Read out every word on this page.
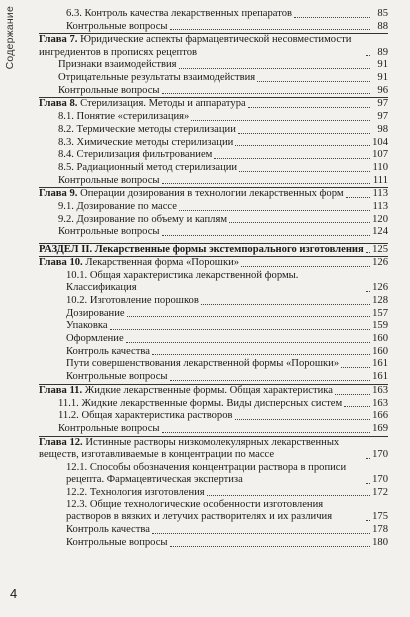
Содержание	6.3. Контроль качества лекарственных препаратов	85
Контрольные вопросы	88
Глава 7. Юридические аспекты фармацевтической несовместимости ингредиентов в прописях рецептов	89
Признаки взаимодействия	91
Отрицательные результаты взаимодействия	91
Контрольные вопросы	96
Глава 8. Стерилизация. Методы и аппаратура	97
8.1. Понятие «стерилизация»	97
8.2. Термические методы стерилизации	98
8.3. Химические методы стерилизации	104
8.4. Стерилизация фильтрованием	107
8.5. Радиационный метод стерилизации	110
Контрольные вопросы	111
Глава 9. Операции дозирования в технологии лекарственных форм	113
9.1. Дозирование по массе	113
9.2. Дозирование по объему и каплям	120
Контрольные вопросы	124
РАЗДЕЛ II. Лекарственные формы экстемпорального изготовления 125
Глава 10. Лекарственная форма «Порошки»	126
10.1. Общая характеристика лекарственной формы. Классификация	126
10.2. Изготовление порошков	128
Дозирование	157
Упаковка	159
Оформление	160
Контроль качества	160
Пути совершенствования лекарственной формы «Порошки»	161
Контрольные вопросы	161
Глава 11. Жидкие лекарственные формы. Общая характеристика	163
11.1. Жидкие лекарственные формы. Виды дисперсных систем	163
11.2. Общая характеристика растворов	166
Контрольные вопросы	169
Глава 12. Истинные растворы низкомолекулярных лекарственных веществ, изготавливаемые в концентрации по массе	170
12.1. Способы обозначения концентрации раствора в прописи рецепта. Фармацевтическая экспертиза	170
12.2. Технология изготовления	172
12.3. Общие технологические особенности изготовления растворов в вязких и летучих растворителях и их различия	175
Контроль качества	178
Контрольные вопросы	180
4
